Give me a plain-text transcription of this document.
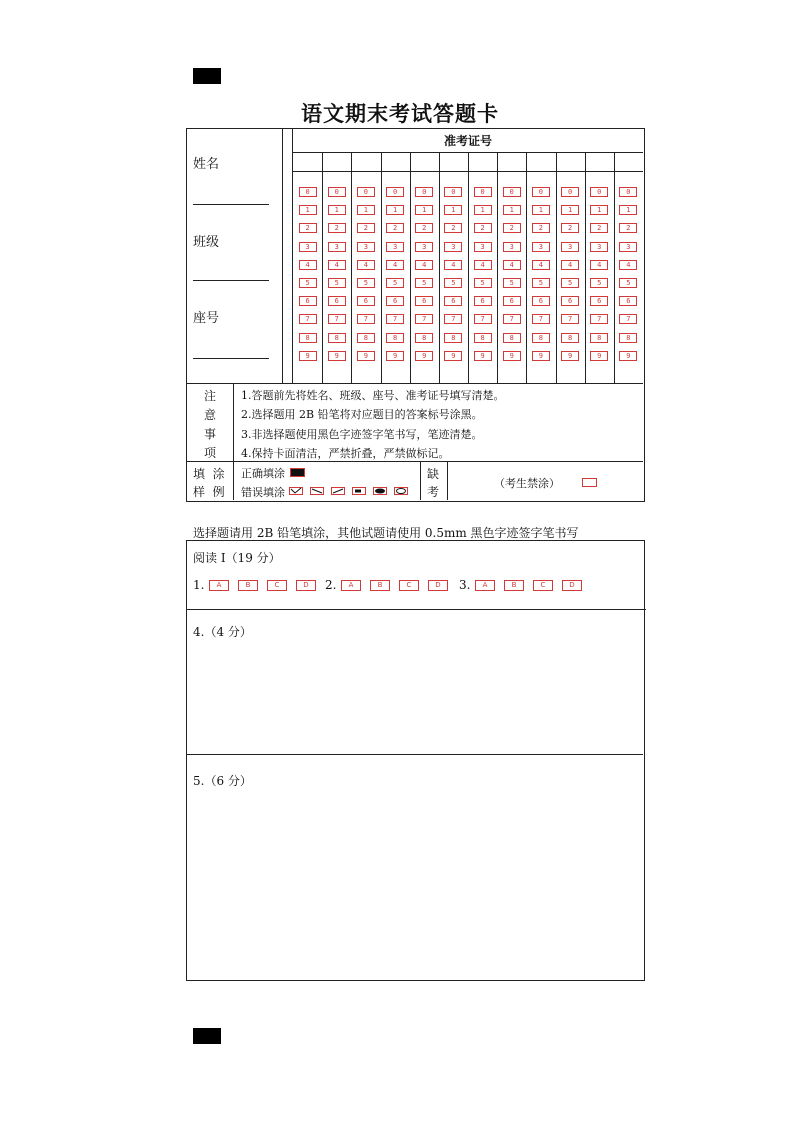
语文期末考试答题卡
姓名
班级
座号
准考证号
0	0	0	0	0	0	0	0	0	0	0	0
1	1	1	1	1	1	1	1	1	1	1	1
2	2	2	2	2	2	2	2	2	2	2	2
3	3	3	3	3	3	3	3	3	3	3	3
4	4	4	4	4	4	4	4	4	4	4	4
5	5	5	5	5	5	5	5	5	5	5	5
6	6	6	6	6	6	6	6	6	6	6	6
7	7	7	7	7	7	7	7	7	7	7	7
8	8	8	8	8	8	8	8	8	8	8	8
9	9	9	9	9	9	9	9	9	9	9	9
注
意
事
项
1.答题前先将姓名、班级、座号、准考证号填写清楚。
2.选择题用 2B 铅笔将对应题目的答案标号涂黑。
3.非选择题使用黑色字迹签字笔书写，笔迹清楚。
4.保持卡面清洁，严禁折叠，严禁做标记。
填  涂
样  例
正确填涂
错误填涂
缺
考
（考生禁涂）
选择题请用 2B 铅笔填涂，其他试题请使用 0.5mm 黑色字迹签字笔书写
阅读 I（19 分）
1.	A	B	C	D	2.	A	B	C	D	3.	A	B	C	D
4.（4 分）
5.（6 分）
